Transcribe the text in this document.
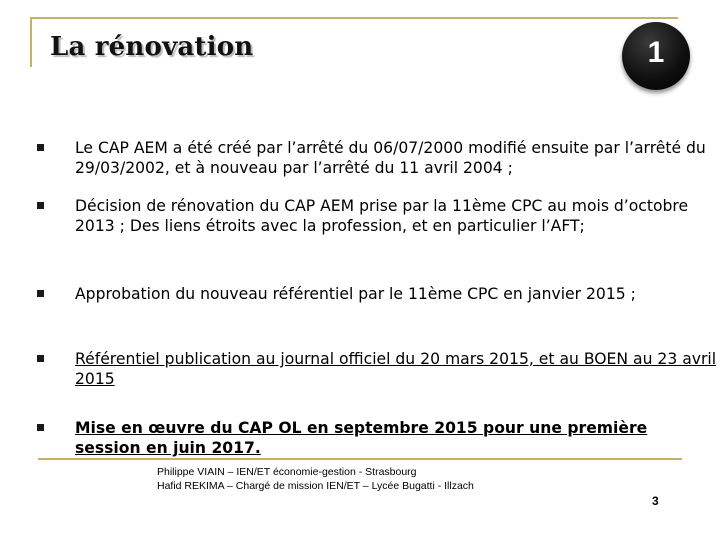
La rénovation	1
Le CAP AEM a été créé par l’arrêté du 06/07/2000 modifié ensuite par l’arrêté du 29/03/2002, et à nouveau par l’arrêté du 11 avril 2004 ;
Décision de rénovation du CAP AEM prise par la 11ème CPC au mois d’octobre 2013 ; Des liens étroits avec la profession, et en particulier l’AFT;
Approbation du nouveau référentiel par le 11ème CPC en janvier 2015 ;
Référentiel publication au journal officiel du 20 mars 2015, et au BOEN au 23 avril 2015
Mise en œuvre du CAP OL en septembre 2015 pour une première session en juin 2017.
Philippe VIAIN – IEN/ET économie-gestion - Strasbourg
Hafid REKIMA – Chargé de mission IEN/ET – Lycée Bugatti - Illzach
3
